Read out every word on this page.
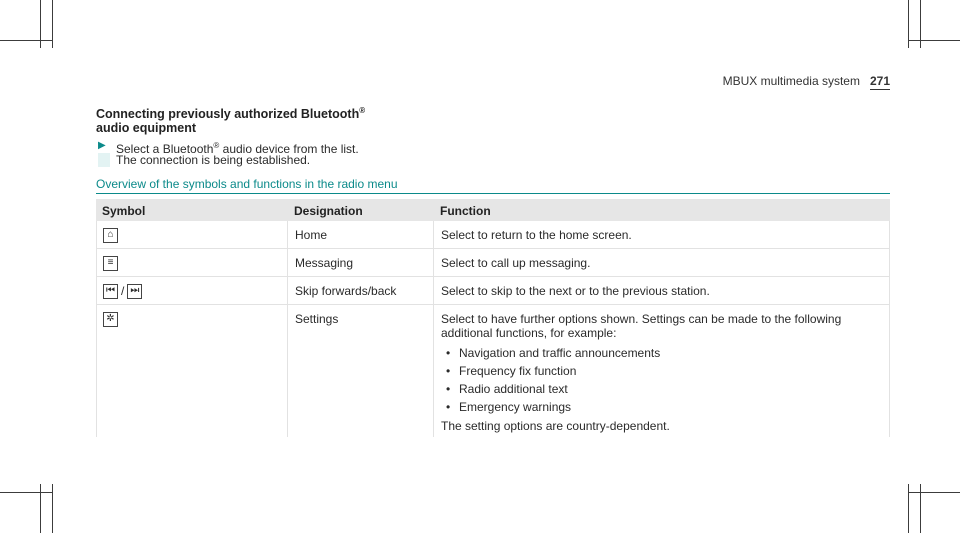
MBUX multimedia system 271
Connecting previously authorized Bluetooth®
audio equipment
▶ Select a Bluetooth® audio device from the list.
The connection is being established.
Overview of the symbols and functions in the radio menu
Symbol	Designation	Function
⌂	Home	Select to return to the home screen.
≡	Messaging	Select to call up messaging.
⏮ / ⏭	Skip forwards/back	Select to skip to the next or to the previous station.
✲	Settings	Select to have further options shown. Settings can be made to the following additional functions, for example:
• Navigation and traffic announcements
• Frequency fix function
• Radio additional text
• Emergency warnings
The setting options are country-dependent.
